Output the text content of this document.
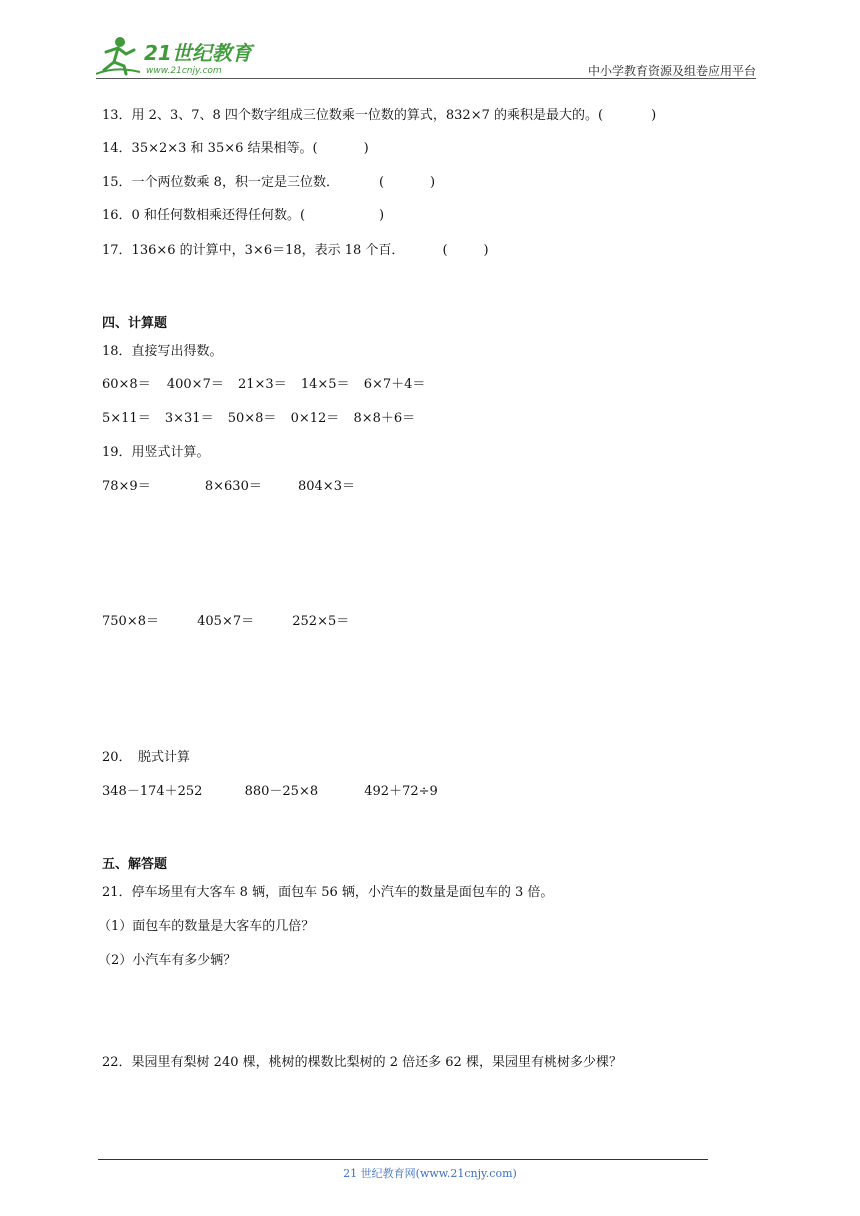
21世纪教育
www.21cnjy.com	中小学教育资源及组卷应用平台
13．用 2、3、7、8 四个数字组成三位数乘一位数的算式，832×7 的乘积是最大的。(	)
14．35×2×3 和 35×6 结果相等。(	)
15．一个两位数乘 8，积一定是三位数．	(	)
16．0 和任何数相乘还得任何数。(	)
17．136×6 的计算中，3×6＝18，表示 18 个百．	(	)
四、计算题
18．直接写出得数。
60×8＝ 400×7＝ 21×3＝ 14×5＝ 6×7＋4＝
5×11＝ 3×31＝ 50×8＝ 0×12＝ 8×8＋6＝
19．用竖式计算。
78×9＝	8×630＝	804×3＝
750×8＝	405×7＝	252×5＝
20．　脱式计算
348－174＋252	880－25×8	492＋72÷9
五、解答题
21．停车场里有大客车 8 辆，面包车 56 辆，小汽车的数量是面包车的 3 倍。
（1）面包车的数量是大客车的几倍？
（2）小汽车有多少辆？
22．果园里有梨树 240 棵，桃树的棵数比梨树的 2 倍还多 62 棵，果园里有桃树多少棵？
21 世纪教育网(www.21cnjy.com)
